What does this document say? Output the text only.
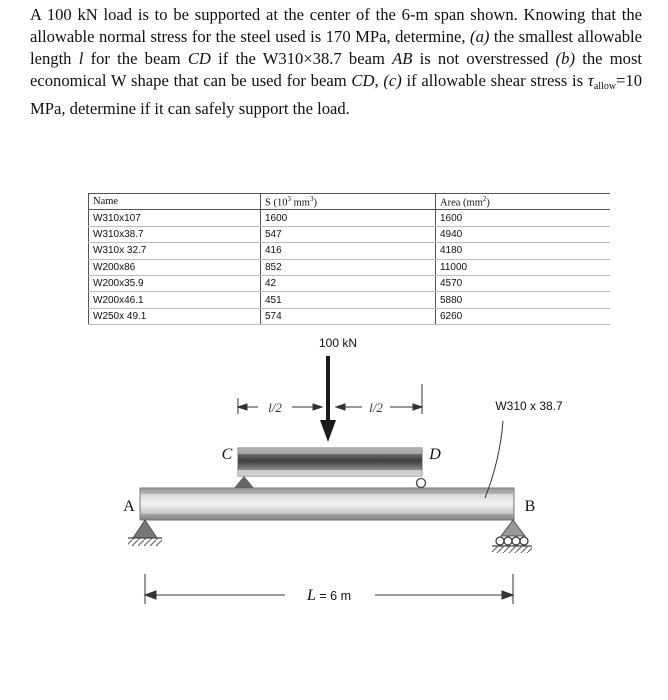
A 100 kN load is to be supported at the center of the 6-m span shown. Knowing that the allowable normal stress for the steel used is 170 MPa, determine, (a) the smallest allowable length l for the beam CD if the W310×38.7 beam AB is not overstressed (b) the most economical W shape that can be used for beam CD, (c) if allowable shear stress is $\tau_{allow}=10$ MPa, determine if it can safely support the load.
Name	S ($10^3$ $mm^3$)	Area $(mm^2)$
W310x107	1600	1600
W310x38.7	547	4940
W310x 32.7	416	4180
W200x86	852	11000
W200x35.9	42	4570
W200x46.1	451	5880
W250x 49.1	574	6260
100 kN
l/2	l/2
C	D
A	B
W310 x 38.7
L = 6 m
